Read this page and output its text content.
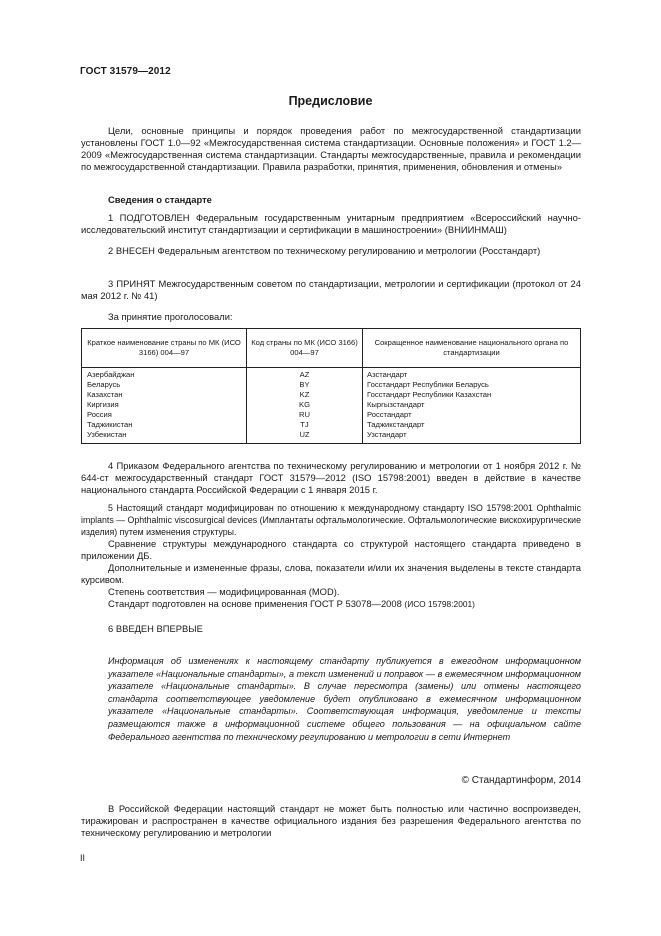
ГОСТ 31579—2012
Предисловие
Цели, основные принципы и порядок проведения работ по межгосударственной стандартизации установлены ГОСТ 1.0—92 «Межгосударственная система стандартизации. Основные положения» и ГОСТ 1.2—2009 «Межгосударственная система стандартизации. Стандарты межгосударственные, правила и рекомендации по межгосударственной стандартизации. Правила разработки, принятия, применения, обновления и отмены»
Сведения о стандарте
1 ПОДГОТОВЛЕН Федеральным государственным унитарным предприятием «Всероссийский научно-исследовательский институт стандартизации и сертификации в машиностроении» (ВНИИНМАШ)
2 ВНЕСЕН Федеральным агентством по техническому регулированию и метрологии (Росстандарт)
3 ПРИНЯТ Межгосударственным советом по стандартизации, метрологии и сертификации (протокол от 24 мая 2012 г. № 41)
За принятие проголосовали:
Краткое наименование страны по МК (ИСО 3166) 004—97	Код страны по МК (ИСО 3166) 004—97	Сокращенное наименование национального органа по стандартизации
Азербайджан	AZ	Азстандарт
Беларусь	BY	Госстандарт Республики Беларусь
Казахстан	KZ	Госстандарт Республики Казахстан
Киргизия	KG	Кыргызстандарт
Россия	RU	Росстандарт
Таджикистан	TJ	Таджикстандарт
Узбекистан	UZ	Узстандарт
4 Приказом Федерального агентства по техническому регулированию и метрологии от 1 ноября 2012 г. № 644-ст межгосударственный стандарт ГОСТ 31579—2012 (ISO 15798:2001) введен в действие в качестве национального стандарта Российской Федерации с 1 января 2015 г.
5 Настоящий стандарт модифицирован по отношению к международному стандарту ISO 15798:2001 Ophthalmic implants — Ophthalmic viscosurgical devices (Имплантаты офтальмологические. Офтальмологические вискохирургические изделия) путем изменения структуры.
Сравнение структуры международного стандарта со структурой настоящего стандарта приведено в приложении ДБ.
Дополнительные и измененные фразы, слова, показатели и/или их значения выделены в тексте стандарта курсивом.
Степень соответствия — модифицированная (MOD).
Стандарт подготовлен на основе применения ГОСТ Р 53078—2008 (ИСО 15798:2001)
6 ВВЕДЕН ВПЕРВЫЕ
Информация об изменениях к настоящему стандарту публикуется в ежегодном информационном указателе «Национальные стандарты», а текст изменений и поправок — в ежемесячном информационном указателе «Национальные стандарты». В случае пересмотра (замены) или отмены настоящего стандарта соответствующее уведомление будет опубликовано в ежемесячном информационном указателе «Национальные стандарты». Соответствующая информация, уведомление и тексты размещаются также в информационной системе общего пользования — на официальном сайте Федерального агентства по техническому регулированию и метрологии в сети Интернет
© Стандартинформ, 2014
В Российской Федерации настоящий стандарт не может быть полностью или частично воспроизведен, тиражирован и распространен в качестве официального издания без разрешения Федерального агентства по техническому регулированию и метрологии
II
